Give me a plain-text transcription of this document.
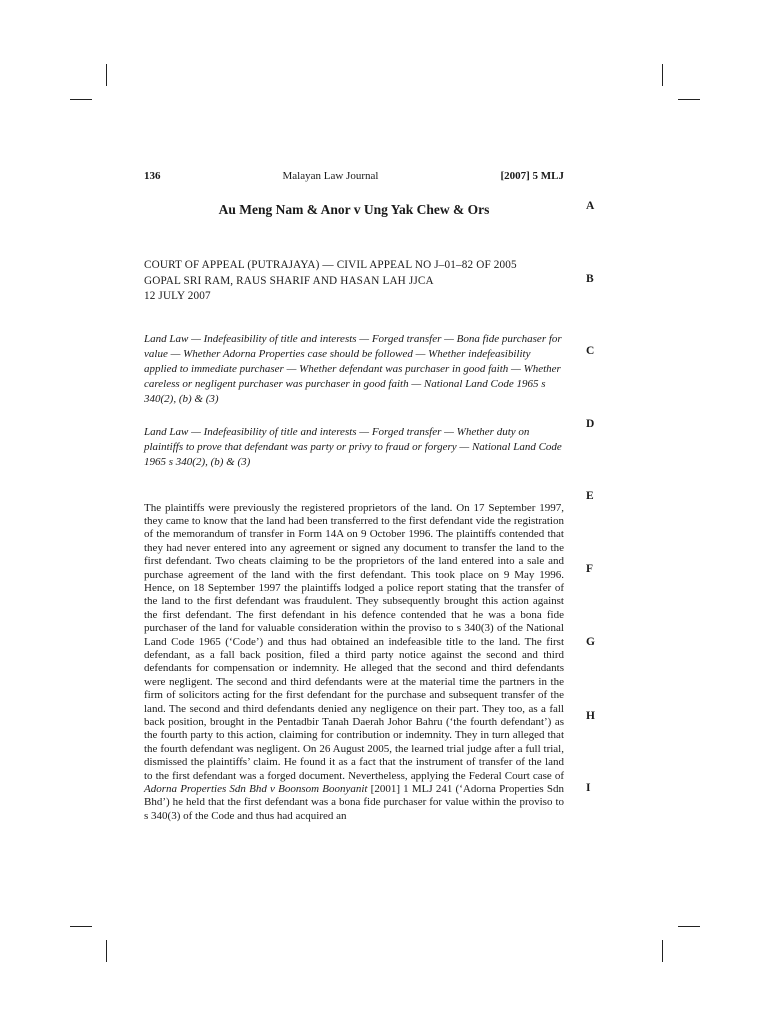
136	Malayan Law Journal	[2007] 5 MLJ
Au Meng Nam & Anor v Ung Yak Chew & Ors
COURT OF APPEAL (PUTRAJAYA) — CIVIL APPEAL NO J–01–82 OF 2005
GOPAL SRI RAM, RAUS SHARIF AND HASAN LAH JJCA
12 JULY 2007
Land Law — Indefeasibility of title and interests — Forged transfer — Bona fide purchaser for value — Whether Adorna Properties case should be followed — Whether indefeasibility applied to immediate purchaser — Whether defendant was purchaser in good faith — Whether careless or negligent purchaser was purchaser in good faith — National Land Code 1965 s 340(2), (b) & (3)
Land Law — Indefeasibility of title and interests — Forged transfer — Whether duty on plaintiffs to prove that defendant was party or privy to fraud or forgery — National Land Code 1965 s 340(2), (b) & (3)
The plaintiffs were previously the registered proprietors of the land. On 17 September 1997, they came to know that the land had been transferred to the first defendant vide the registration of the memorandum of transfer in Form 14A on 9 October 1996. The plaintiffs contended that they had never entered into any agreement or signed any document to transfer the land to the first defendant. Two cheats claiming to be the proprietors of the land entered into a sale and purchase agreement of the land with the first defendant. This took place on 9 May 1996. Hence, on 18 September 1997 the plaintiffs lodged a police report stating that the transfer of the land to the first defendant was fraudulent. They subsequently brought this action against the first defendant. The first defendant in his defence contended that he was a bona fide purchaser of the land for valuable consideration within the proviso to s 340(3) of the National Land Code 1965 (‘Code’) and thus had obtained an indefeasible title to the land. The first defendant, as a fall back position, filed a third party notice against the second and third defendants for compensation or indemnity. He alleged that the second and third defendants were negligent. The second and third defendants were at the material time the partners in the firm of solicitors acting for the first defendant for the purchase and subsequent transfer of the land. The second and third defendants denied any negligence on their part. They too, as a fall back position, brought in the Pentadbir Tanah Daerah Johor Bahru (‘the fourth defendant’) as the fourth party to this action, claiming for contribution or indemnity. They in turn alleged that the fourth defendant was negligent. On 26 August 2005, the learned trial judge after a full trial, dismissed the plaintiffs’ claim. He found it as a fact that the instrument of transfer of the land to the first defendant was a forged document. Nevertheless, applying the Federal Court case of Adorna Properties Sdn Bhd v Boonsom Boonyanit [2001] 1 MLJ 241 (‘Adorna Properties Sdn Bhd’) he held that the first defendant was a bona fide purchaser for value within the proviso to s 340(3) of the Code and thus had acquired an
A
B
C
D
E
F
G
H
I
